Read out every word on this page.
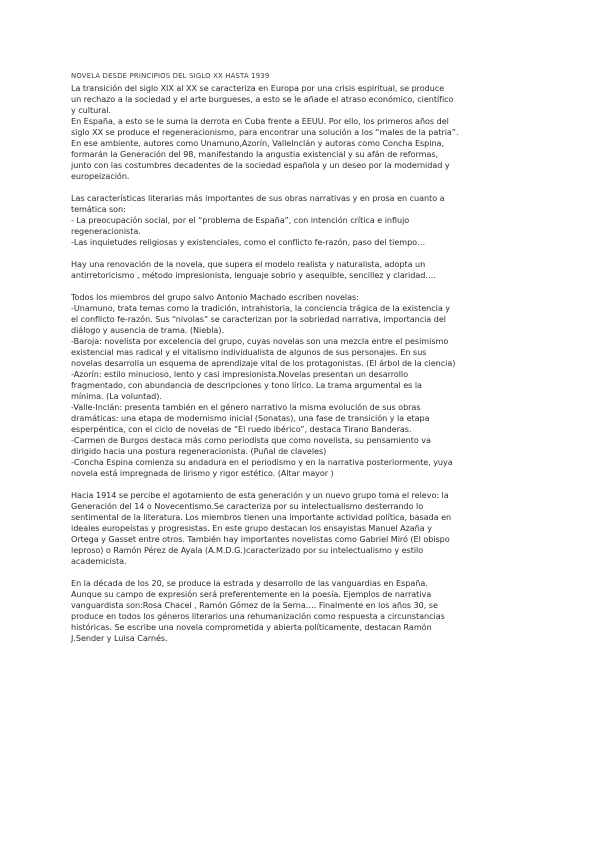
NOVELA DESDE PRINCIPIOS DEL SIGLO XX HASTA 1939
La transición del siglo XIX al XX se caracteriza en Europa por una crisis espiritual, se produce
un rechazo a la sociedad y el arte burgueses, a esto se le añade el atraso económico, científico
y cultural.
En España, a esto se le suma la derrota en Cuba frente a EEUU. Por ello, los primeros años del
siglo XX se produce el regeneracionismo, para encontrar una solución a los “males de la patria”.
En ese ambiente, autores como Unamuno,Azorín, ValleInclán y autoras como Concha Espina,
formarán la Generación del 98, manifestando la angustia existencial y su afán de reformas,
junto con las costumbres decadentes de la sociedad española y un deseo por la modernidad y
europeización.
Las características literarias más importantes de sus obras narrativas y en prosa en cuanto a
temática son:
- La preocupación social, por el “problema de España”, con intención crítica e influjo
regeneracionista.
-Las inquietudes religiosas y existenciales, como el conflicto fe-razón, paso del tiempo…
Hay una renovación de la novela, que supera el modelo realista y naturalista, adopta un
antirretoricismo , método impresionista, lenguaje sobrio y asequible, sencillez y claridad….
Todos los miembros del grupo salvo Antonio Machado escriben novelas:
-Unamuno, trata temas como la tradición, intrahistoria, la conciencia trágica de la existencia y
el conflicto fe-razón. Sus “nivolas” se caracterizan por la sobriedad narrativa, importancia del
diálogo y ausencia de trama. (Niebla).
-Baroja: novelista por excelencia del grupo, cuyas novelas son una mezcla entre el pesimismo
existencial mas radical y el vitalismo individualista de algunos de sus personajes. En sus
novelas desarrolla un esquema de aprendizaje vital de los protagonistas. (El árbol de la ciencia)
-Azorín: estilo minucioso, lento y casi impresionista.Novelas presentan un desarrollo
fragmentado, con abundancia de descripciones y tono lírico. La trama argumental es la
mínima. (La voluntad).
-Valle-Inclán: presenta también en el género narrativo la misma evolución de sus obras
dramáticas: una etapa de modernismo inicial (Sonatas), una fase de transición y la etapa
esperpéntica, con el ciclo de novelas de “El ruedo ibérico”, destaca Tirano Banderas.
-Carmen de Burgos destaca más como periodista que como novelista, su pensamiento va
dirigido hacia una postura regeneracionista. (Puñal de claveles)
-Concha Espina comienza su andadura en el periodismo y en la narrativa posteriormente, yuya
novela está impregnada de lirismo y rigor estético. (Altar mayor )
Hacia 1914 se percibe el agotamiento de esta generación y un nuevo grupo toma el relevo: la
Generación del 14 o Novecentismo.Se caracteriza por su intelectualismo desterrando lo
sentimental de la literatura. Los miembros tienen una importante actividad política, basada en
ideales europeístas y progresistas. En este grupo destacan los ensayistas Manuel Azaña y
Ortega y Gasset entre otros. También hay importantes novelistas como Gabriel Miró (El obispo
leproso) o Ramón Pérez de Ayala (A.M.D.G.)caracterizado por su intelectualismo y estilo
academicista.
En la década de los 20, se produce la estrada y desarrollo de las vanguardias en España.
Aunque su campo de expresión será preferentemente en la poesía. Ejemplos de narrativa
vanguardista son:Rosa Chacel , Ramón Gómez de la Serna…. Finalmente en los años 30, se
produce en todos los géneros literarios una rehumanización como respuesta a circunstancias
históricas. Se escribe una novela comprometida y abierta políticamente, destacan Ramón
J.Sender y Luisa Carnés.
